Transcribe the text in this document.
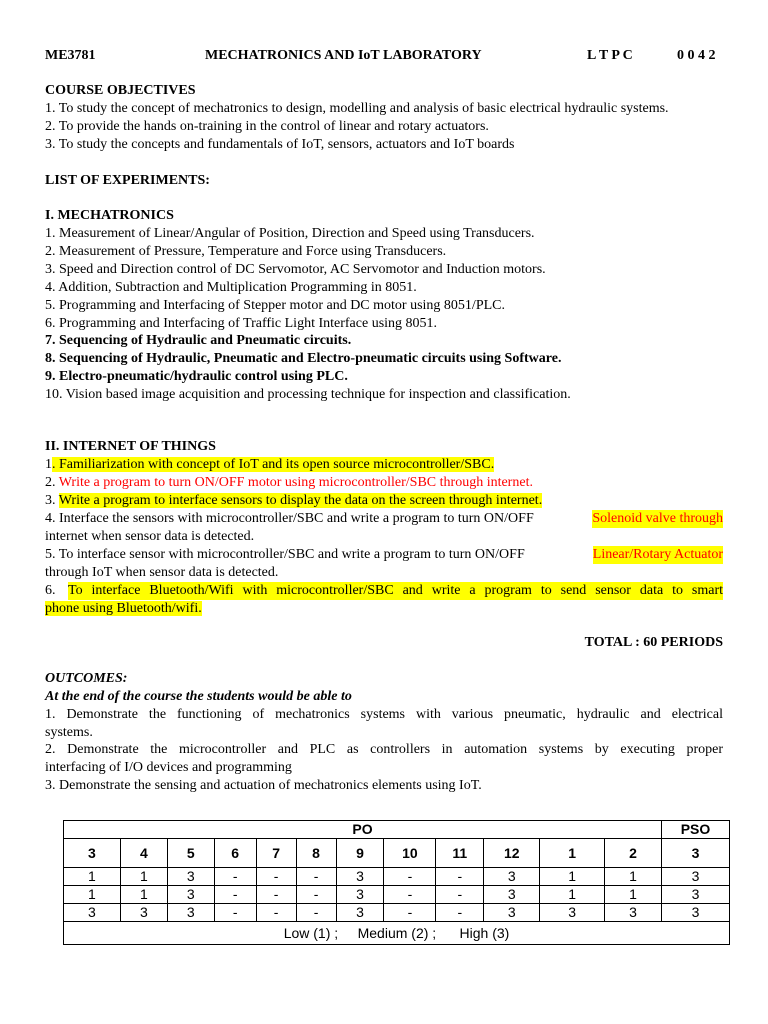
ME3781	MECHATRONICS AND IoT LABORATORY	L T P C	0 0 4 2
COURSE OBJECTIVES
1. To study the concept of mechatronics to design, modelling and analysis of basic electrical hydraulic systems.
2. To provide the hands on-training in the control of linear and rotary actuators.
3. To study the concepts and fundamentals of IoT, sensors, actuators and IoT boards
LIST OF EXPERIMENTS:
I. MECHATRONICS
1. Measurement of Linear/Angular of Position, Direction and Speed using Transducers.
2. Measurement of Pressure, Temperature and Force using Transducers.
3. Speed and Direction control of DC Servomotor, AC Servomotor and Induction motors.
4. Addition, Subtraction and Multiplication Programming in 8051.
5. Programming and Interfacing of Stepper motor and DC motor using 8051/PLC.
6. Programming and Interfacing of Traffic Light Interface using 8051.
7. Sequencing of Hydraulic and Pneumatic circuits.
8. Sequencing of Hydraulic, Pneumatic and Electro-pneumatic circuits using Software.
9. Electro-pneumatic/hydraulic control using PLC.
10. Vision based image acquisition and processing technique for inspection and classification.
II. INTERNET OF THINGS
1. Familiarization with concept of IoT and its open source microcontroller/SBC.
2. Write a program to turn ON/OFF motor using microcontroller/SBC through internet.
3. Write a program to interface sensors to display the data on the screen through internet.
4. Interface the sensors with microcontroller/SBC and write a program to turn ON/OFF	Solenoid valve through
internet when sensor data is detected.
5. To interface sensor with microcontroller/SBC and write a program to turn ON/OFF	Linear/Rotary Actuator
through IoT when sensor data is detected.
6. To interface Bluetooth/Wifi with microcontroller/SBC and write a program to send sensor data to smart
phone using Bluetooth/wifi.
TOTAL : 60 PERIODS
OUTCOMES:
At the end of the course the students would be able to
1. Demonstrate the functioning of mechatronics systems with various pneumatic, hydraulic and electrical
systems.
2. Demonstrate the microcontroller and PLC as controllers in automation systems by executing proper
interfacing of I/O devices and programming
3. Demonstrate the sensing and actuation of mechatronics elements using IoT.
PO												PSO
3	4	5	6	7	8	9	10	11	12	1	2	3
1	1	3	-	-	-	3	-	-	3	1	1	3
1	1	3	-	-	-	3	-	-	3	1	1	3
3	3	3	-	-	-	3	-	-	3	3	3	3
Low (1) ;     Medium (2) ;      High (3)												
